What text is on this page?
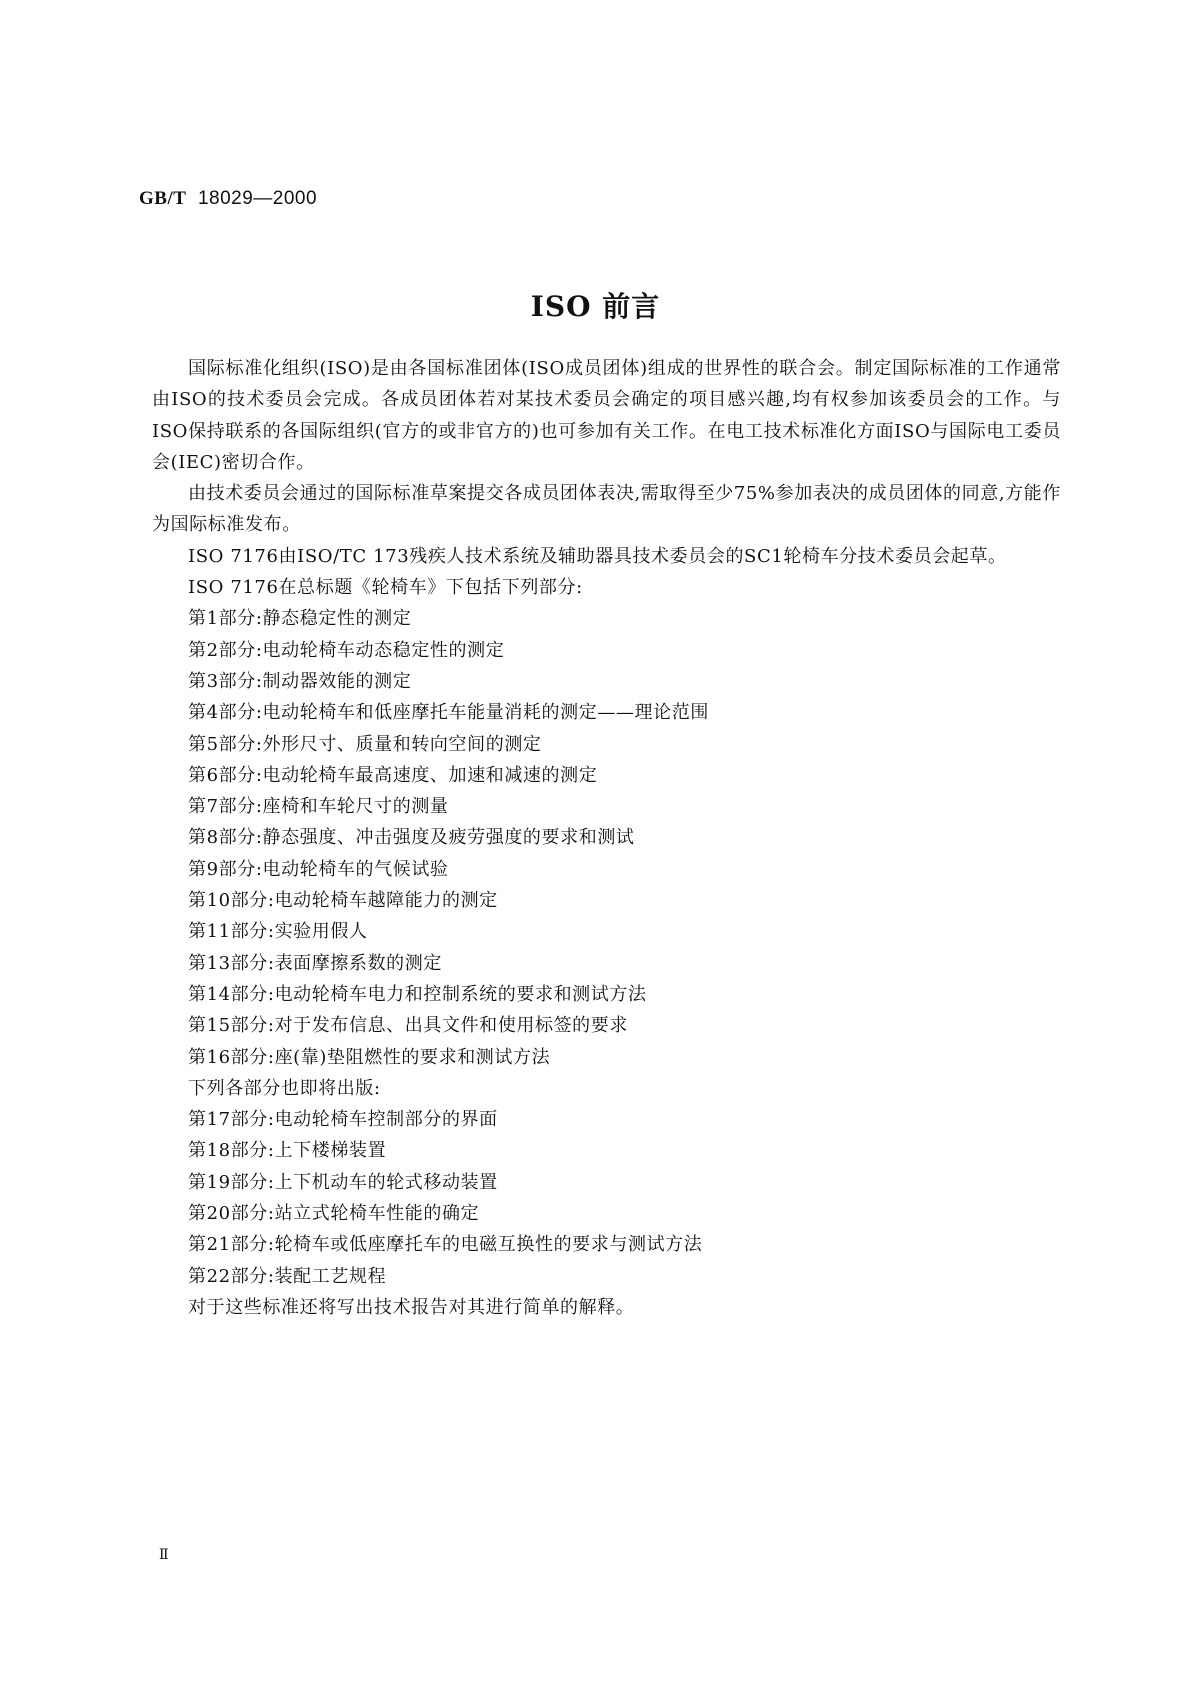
GB/T 18029—2000
ISO 前言

国际标准化组织(ISO)是由各国标准团体(ISO成员团体)组成的世界性的联合会。制定国际标准的工作通常由ISO的技术委员会完成。各成员团体若对某技术委员会确定的项目感兴趣,均有权参加该委员会的工作。与ISO保持联系的各国际组织(官方的或非官方的)也可参加有关工作。在电工技术标准化方面ISO与国际电工委员会(IEC)密切合作。

由技术委员会通过的国际标准草案提交各成员团体表决,需取得至少75%参加表决的成员团体的同意,方能作为国际标准发布。

ISO 7176由ISO/TC 173残疾人技术系统及辅助器具技术委员会的SC1轮椅车分技术委员会起草。

ISO 7176在总标题《轮椅车》下包括下列部分:

第1部分:静态稳定性的测定

第2部分:电动轮椅车动态稳定性的测定

第3部分:制动器效能的测定

第4部分:电动轮椅车和低座摩托车能量消耗的测定——理论范围

第5部分:外形尺寸、质量和转向空间的测定

第6部分:电动轮椅车最高速度、加速和减速的测定

第7部分:座椅和车轮尺寸的测量

第8部分:静态强度、冲击强度及疲劳强度的要求和测试

第9部分:电动轮椅车的气候试验

第10部分:电动轮椅车越障能力的测定

第11部分:实验用假人

第13部分:表面摩擦系数的测定

第14部分:电动轮椅车电力和控制系统的要求和测试方法

第15部分:对于发布信息、出具文件和使用标签的要求

第16部分:座(靠)垫阻燃性的要求和测试方法

下列各部分也即将出版:

第17部分:电动轮椅车控制部分的界面

第18部分:上下楼梯装置

第19部分:上下机动车的轮式移动装置

第20部分:站立式轮椅车性能的确定

第21部分:轮椅车或低座摩托车的电磁互换性的要求与测试方法

第22部分:装配工艺规程

对于这些标准还将写出技术报告对其进行简单的解释。

Ⅱ
